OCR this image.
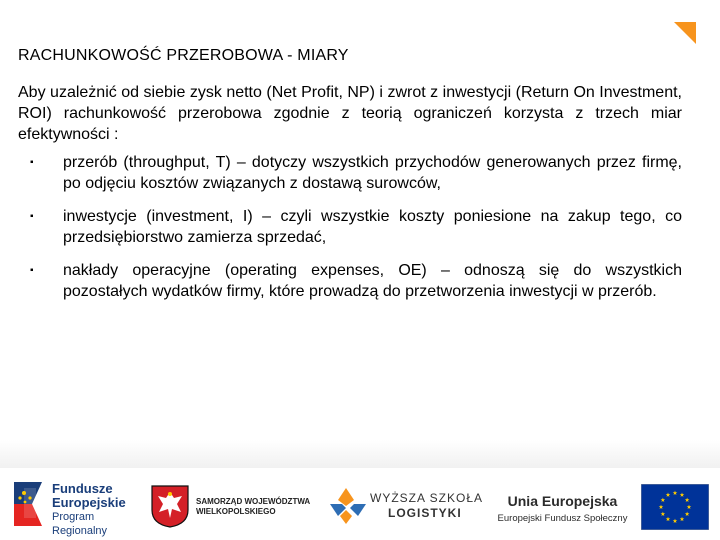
RACHUNKOWOŚĆ PRZEROBOWA - MIARY

Aby uzależnić od siebie zysk netto (Net Profit, NP) i zwrot z inwestycji (Return On Investment, ROI) rachunkowość przerobowa zgodnie z teorią ograniczeń korzysta z trzech miar efektywności :

▪ przerób (throughput, T) – dotyczy wszystkich przychodów generowanych przez firmę, po odjęciu kosztów związanych z dostawą surowców,
▪ inwestycje (investment, I) – czyli wszystkie koszty poniesione na zakup tego, co przedsiębiorstwo zamierza sprzedać,
▪ nakłady operacyjne (operating expenses, OE) – odnoszą się do wszystkich pozostałych wydatków firmy, które prowadzą do przetworzenia inwestycji w przerób.
Fundusze
Europejskie
Program Regionalny
SAMORZĄD WOJEWÓDZTWA
WIELKOPOLSKIEGO
WYŻSZA SZKOŁA
LOGISTYKI
Unia Europejska
Europejski Fundusz Społeczny
